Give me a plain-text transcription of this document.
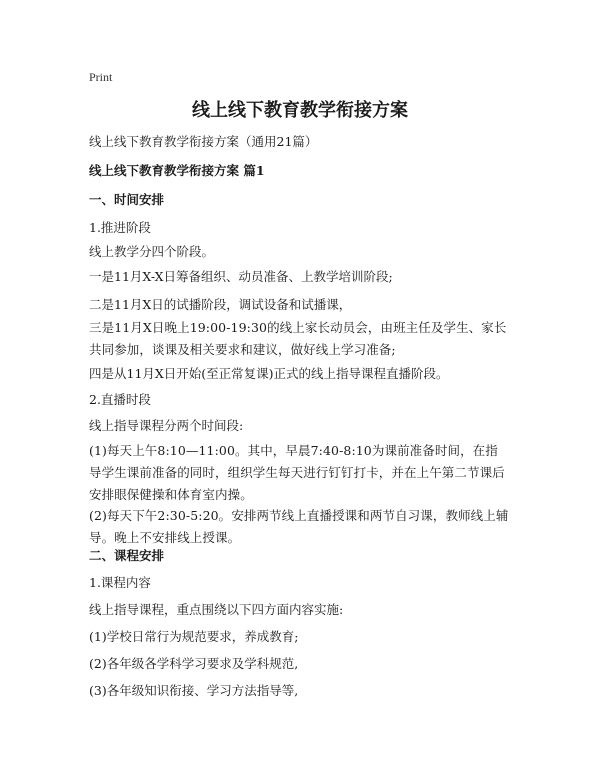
Print
线上线下教育教学衔接方案
线上线下教育教学衔接方案（通用21篇）
线上线下教育教学衔接方案 篇1
一、时间安排
1.推进阶段
线上教学分四个阶段。
一是11月X-X日筹备组织、动员准备、上教学培训阶段;
二是11月X日的试播阶段，调试设备和试播课，
三是11月X日晚上19:00-19:30的线上家长动员会，由班主任及学生、家长共同参加，谈课及相关要求和建议，做好线上学习准备;
四是从11月X日开始(至正常复课)正式的线上指导课程直播阶段。
2.直播时段
线上指导课程分两个时间段:
(1)每天上午8:10—11:00。其中，早晨7:40-8:10为课前准备时间，在指导学生课前准备的同时，组织学生每天进行钉钉打卡，并在上午第二节课后安排眼保健操和体育室内操。
(2)每天下午2:30-5:20。安排两节线上直播授课和两节自习课，教师线上辅导。晚上不安排线上授课。
二、课程安排
1.课程内容
线上指导课程，重点围绕以下四方面内容实施:
(1)学校日常行为规范要求，养成教育;
(2)各年级各学科学习要求及学科规范,
(3)各年级知识衔接、学习方法指导等,
